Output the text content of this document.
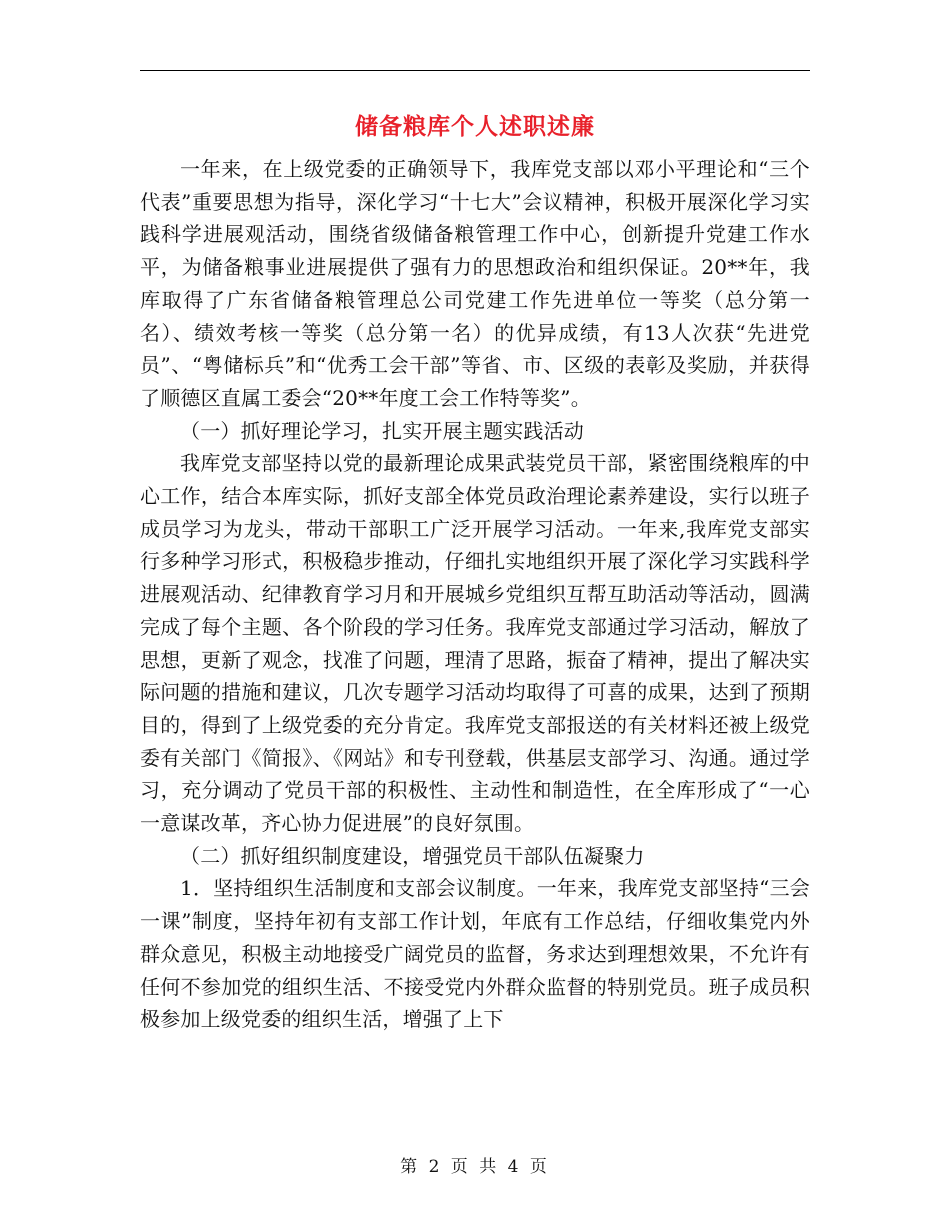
储备粮库个人述职述廉

一年来，在上级党委的正确领导下，我库党支部以邓小平理论和“三个代表”重要思想为指导，深化学习“十七大”会议精神，积极开展深化学习实践科学进展观活动，围绕省级储备粮管理工作中心，创新提升党建工作水平，为储备粮事业进展提供了强有力的思想政治和组织保证。20**年，我库取得了广东省储备粮管理总公司党建工作先进单位一等奖（总分第一名）、绩效考核一等奖（总分第一名）的优异成绩，有13人次获“先进党员”、“粤储标兵”和“优秀工会干部”等省、市、区级的表彰及奖励，并获得了顺德区直属工委会“20**年度工会工作特等奖”。

（一）抓好理论学习，扎实开展主题实践活动

我库党支部坚持以党的最新理论成果武装党员干部，紧密围绕粮库的中心工作，结合本库实际，抓好支部全体党员政治理论素养建设，实行以班子成员学习为龙头，带动干部职工广泛开展学习活动。一年来,我库党支部实行多种学习形式，积极稳步推动，仔细扎实地组织开展了深化学习实践科学进展观活动、纪律教育学习月和开展城乡党组织互帮互助活动等活动，圆满完成了每个主题、各个阶段的学习任务。我库党支部通过学习活动，解放了思想，更新了观念，找准了问题，理清了思路，振奋了精神，提出了解决实际问题的措施和建议，几次专题学习活动均取得了可喜的成果，达到了预期目的，得到了上级党委的充分肯定。我库党支部报送的有关材料还被上级党委有关部门《简报》、《网站》和专刊登载，供基层支部学习、沟通。通过学习，充分调动了党员干部的积极性、主动性和制造性，在全库形成了“一心一意谋改革，齐心协力促进展”的良好氛围。

（二）抓好组织制度建设，增强党员干部队伍凝聚力

1．坚持组织生活制度和支部会议制度。一年来，我库党支部坚持“三会一课”制度，坚持年初有支部工作计划，年底有工作总结，仔细收集党内外群众意见，积极主动地接受广阔党员的监督，务求达到理想效果，不允许有任何不参加党的组织生活、不接受党内外群众监督的特别党员。班子成员积极参加上级党委的组织生活，增强了上下

第 2 页 共 4 页
